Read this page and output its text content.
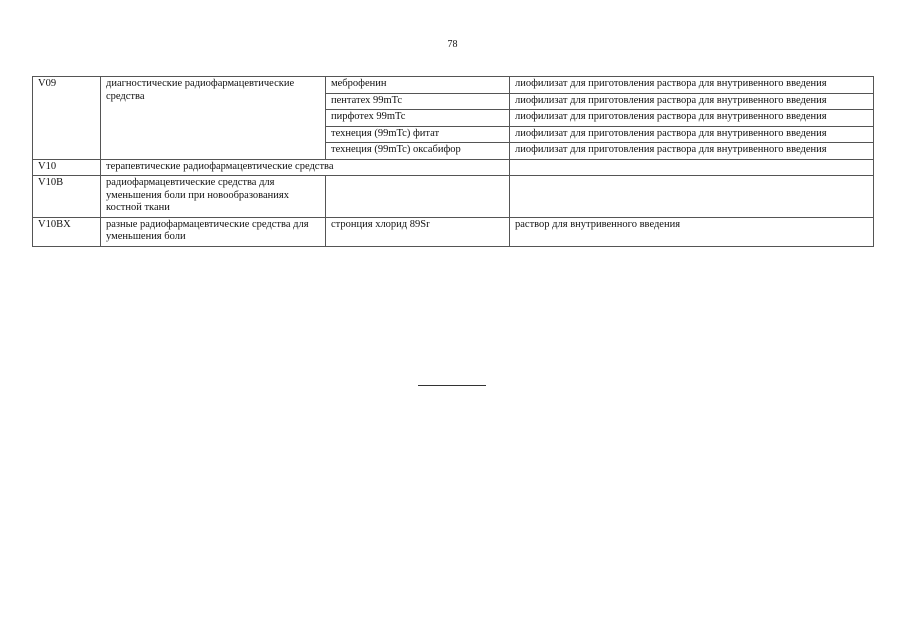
78
V09	диагностические радиофармацевтические средства	меброфенин	лиофилизат для приготовления раствора для внутривенного введения
		пентатех 99mTc	лиофилизат для приготовления раствора для внутривенного введения
		пирфотех 99mTc	лиофилизат для приготовления раствора для внутривенного введения
		технеция (99mTc) фитат	лиофилизат для приготовления раствора для внутривенного введения
		технеция (99mTc) оксабифор	лиофилизат для приготовления раствора для внутривенного введения
V10	терапевтические радиофармацевтические средства		
V10B	радиофармацевтические средства для уменьшения боли при новообразованиях костной ткани		
V10BX	разные радиофармацевтические средства для уменьшения боли	стронция хлорид 89Sr	раствор для внутривенного введения
